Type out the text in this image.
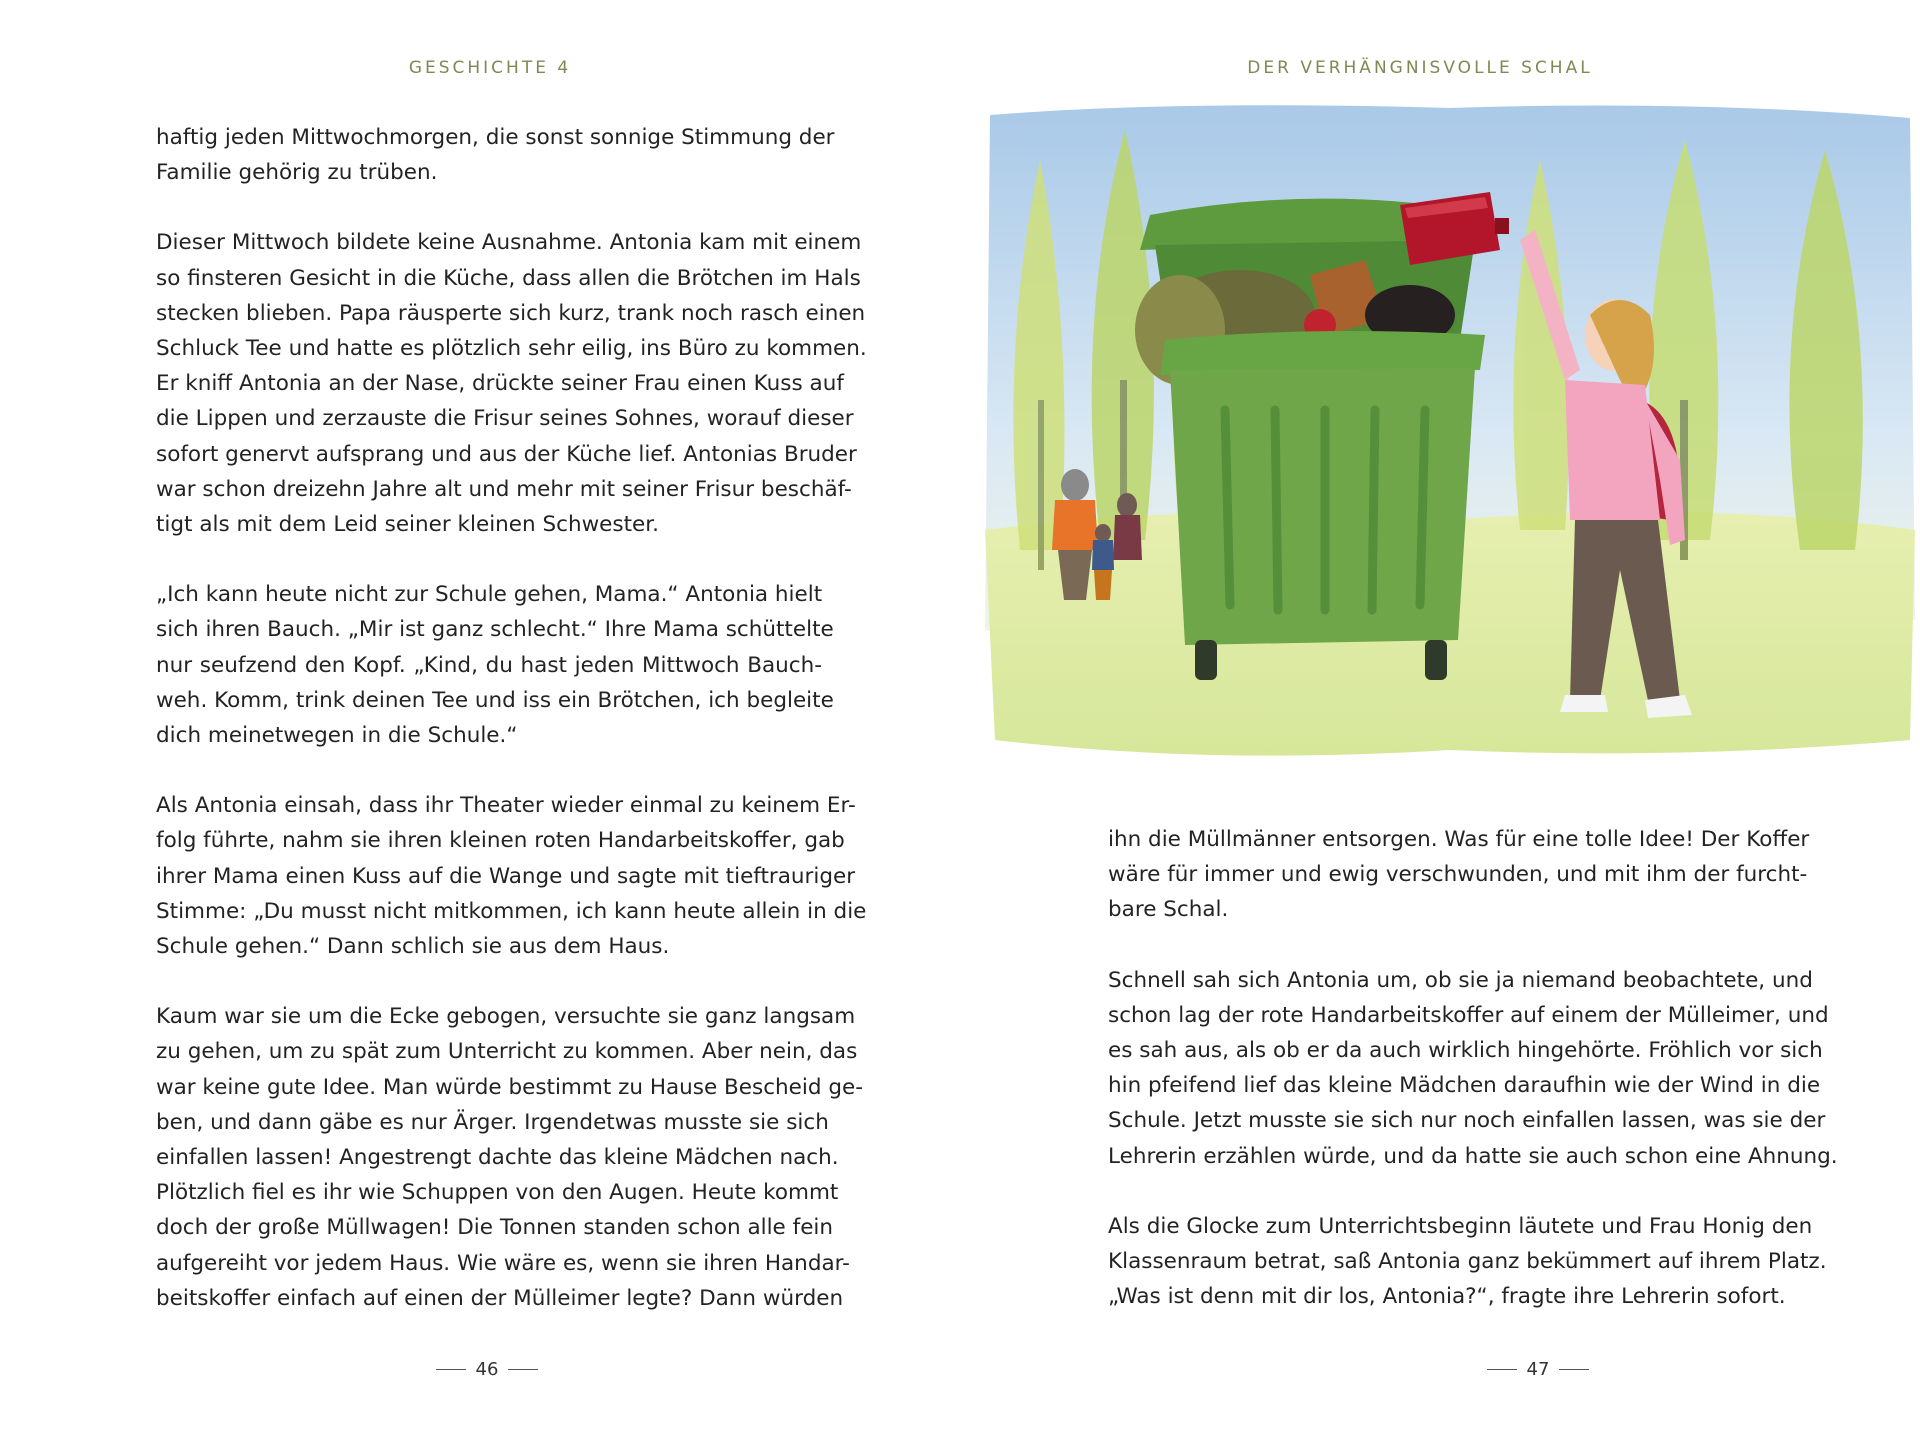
GESCHICHTE 4

haftig jeden Mittwochmorgen, die sonst sonnige Stimmung der
Familie gehörig zu trüben.

Dieser Mittwoch bildete keine Ausnahme. Antonia kam mit einem
so finsteren Gesicht in die Küche, dass allen die Brötchen im Hals
stecken blieben. Papa räusperte sich kurz, trank noch rasch einen
Schluck Tee und hatte es plötzlich sehr eilig, ins Büro zu kommen.
Er kniff Antonia an der Nase, drückte seiner Frau einen Kuss auf
die Lippen und zerzauste die Frisur seines Sohnes, worauf dieser
sofort genervt aufsprang und aus der Küche lief. Antonias Bruder
war schon dreizehn Jahre alt und mehr mit seiner Frisur beschäf-
tigt als mit dem Leid seiner kleinen Schwester.

„Ich kann heute nicht zur Schule gehen, Mama.“ Antonia hielt
sich ihren Bauch. „Mir ist ganz schlecht.“ Ihre Mama schüttelte
nur seufzend den Kopf. „Kind, du hast jeden Mittwoch Bauch-
weh. Komm, trink deinen Tee und iss ein Brötchen, ich begleite
dich meinetwegen in die Schule.“

Als Antonia einsah, dass ihr Theater wieder einmal zu keinem Er-
folg führte, nahm sie ihren kleinen roten Handarbeitskoffer, gab
ihrer Mama einen Kuss auf die Wange und sagte mit tieftrauriger
Stimme: „Du musst nicht mitkommen, ich kann heute allein in die
Schule gehen.“ Dann schlich sie aus dem Haus.

Kaum war sie um die Ecke gebogen, versuchte sie ganz langsam
zu gehen, um zu spät zum Unterricht zu kommen. Aber nein, das
war keine gute Idee. Man würde bestimmt zu Hause Bescheid ge-
ben, und dann gäbe es nur Ärger. Irgendetwas musste sie sich
einfallen lassen! Angestrengt dachte das kleine Mädchen nach.
Plötzlich fiel es ihr wie Schuppen von den Augen. Heute kommt
doch der große Müllwagen! Die Tonnen standen schon alle fein
aufgereiht vor jedem Haus. Wie wäre es, wenn sie ihren Handar-
beitskoffer einfach auf einen der Mülleimer legte? Dann würden

46
DER VERHÄNGNISVOLLE SCHAL

ihn die Müllmänner entsorgen. Was für eine tolle Idee! Der Koffer
wäre für immer und ewig verschwunden, und mit ihm der furcht-
bare Schal.

Schnell sah sich Antonia um, ob sie ja niemand beobachtete, und
schon lag der rote Handarbeitskoffer auf einem der Mülleimer, und
es sah aus, als ob er da auch wirklich hingehörte. Fröhlich vor sich
hin pfeifend lief das kleine Mädchen daraufhin wie der Wind in die
Schule. Jetzt musste sie sich nur noch einfallen lassen, was sie der
Lehrerin erzählen würde, und da hatte sie auch schon eine Ahnung.

Als die Glocke zum Unterrichtsbeginn läutete und Frau Honig den
Klassenraum betrat, saß Antonia ganz bekümmert auf ihrem Platz.
„Was ist denn mit dir los, Antonia?“, fragte ihre Lehrerin sofort.

47
